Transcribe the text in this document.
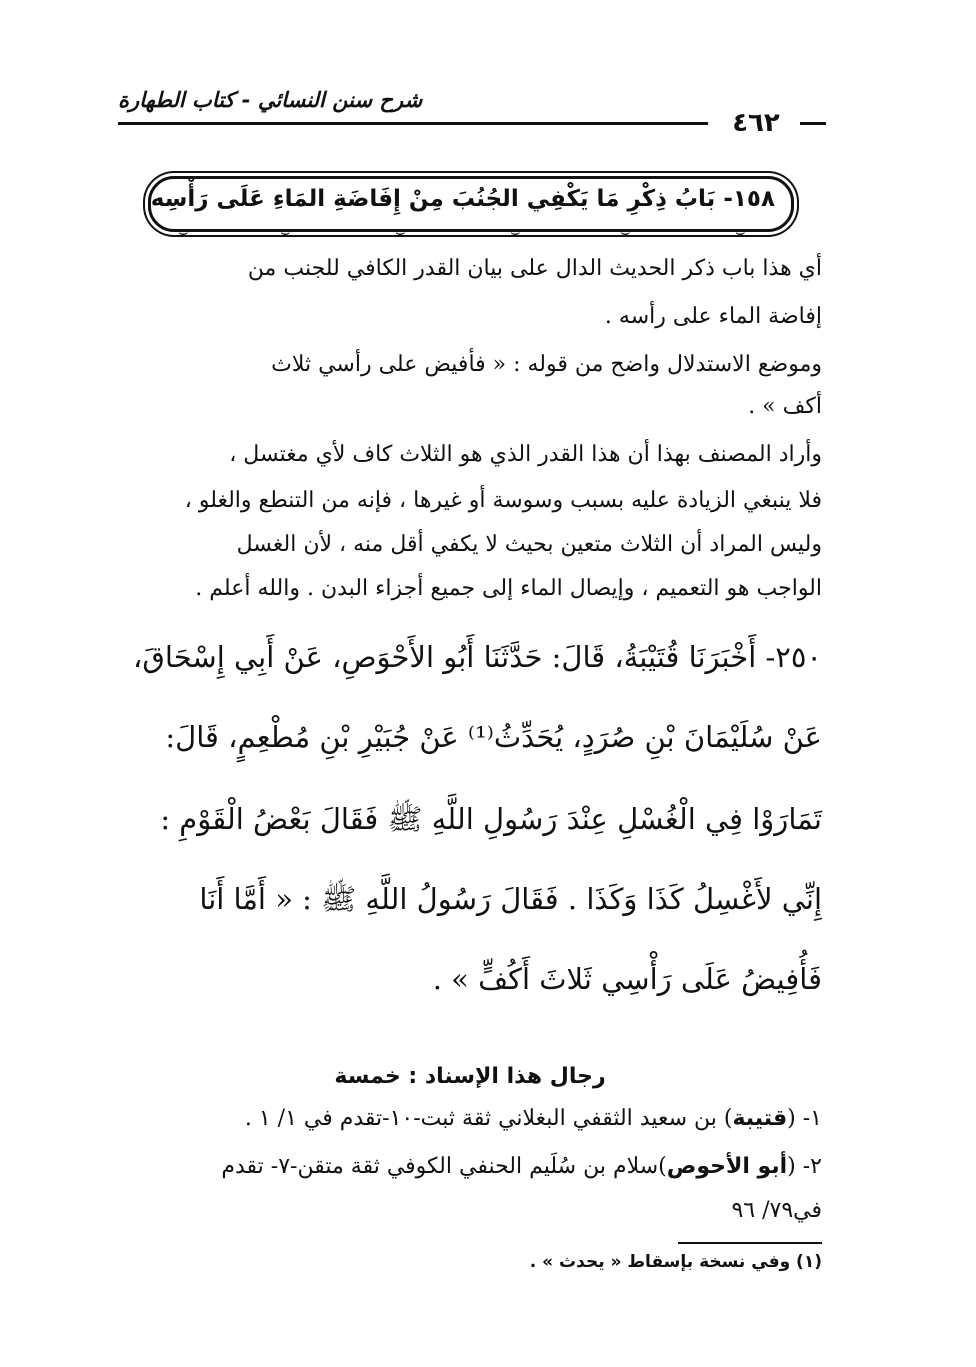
شرح سنن النسائي - كتاب الطهارة
٤٦٢
١٥٨- بَابُ ذِكْرِ مَا يَكْفِي الجُنُبَ مِنْ إِفَاضَةِ المَاءِ عَلَى رَأْسِه
⌣	⌣	⌣	⌣	⌣	⌣
أي هذا باب ذكر الحديث الدال على بيان القدر الكافي للجنب من
إفاضة الماء على رأسه .
وموضع الاستدلال واضح من قوله : « فأفيض على رأسي ثلاث
أكف » .
وأراد المصنف بهذا أن هذا القدر الذي هو الثلاث كاف لأي مغتسل ،
فلا ينبغي الزيادة عليه بسبب وسوسة أو غيرها ، فإنه من التنطع والغلو ،
وليس المراد أن الثلاث متعين بحيث لا يكفي أقل منه ، لأن الغسل
الواجب هو التعميم ، وإيصال الماء إلى جميع أجزاء البدن . والله أعلم .
٢٥٠- أَخْبَرَنَا قُتَيْبَةُ، قَالَ: حَدَّثَنَا أَبُو الأَحْوَصِ، عَنْ أَبِي إِسْحَاقَ،
عَنْ سُلَيْمَانَ بْنِ صُرَدٍ، يُحَدِّثُ⁽¹⁾ عَنْ جُبَيْرِ بْنِ مُطْعِمٍ، قَالَ:
تَمَارَوْا فِي الْغُسْلِ عِنْدَ رَسُولِ اللَّهِ ﷺ فَقَالَ بَعْضُ الْقَوْمِ :
إِنِّي لأَغْسِلُ كَذَا وَكَذَا . فَقَالَ رَسُولُ اللَّهِ ﷺ : « أَمَّا أَنَا
فَأُفِيضُ عَلَى رَأْسِي ثَلاثَ أَكُفٍّ » .
رجال هذا الإسناد : خمسة
١- (قتيبة) بن سعيد الثقفي البغلاني ثقة ثبت-١٠-تقدم في ١/ ١ .
٢- (أبو الأحوص)سلام بن سُلَيم الحنفي الكوفي ثقة متقن-٧- تقدم
في٧٩/ ٩٦
(١) وفي نسخة بإسقاط « يحدث » .
